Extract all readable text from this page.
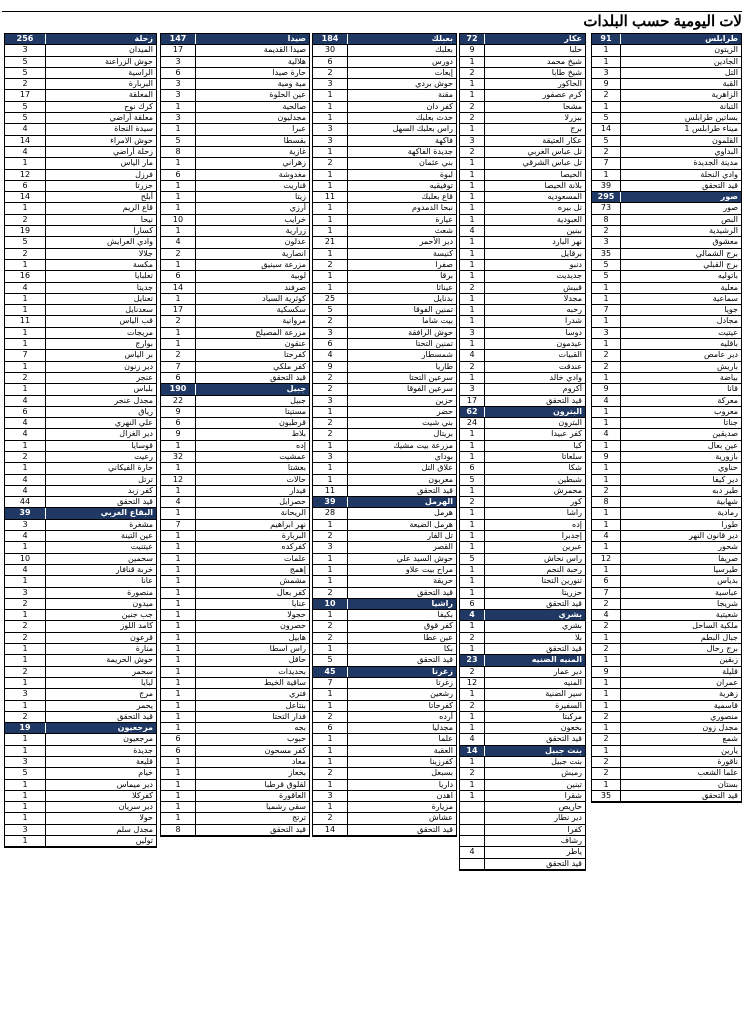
لات اليومية حسب البلدات
طرابلس
91
الزيتون
1
الجادين
1
التل
3
القبة
9
الزاهرية
2
التبانة
1
بساتين طرابلس
5
ميناء طرابلس 1
14
القلمون
5
البداوي
2
مدينة الجديدة
7
وادي النحلة
1
قيد التحقق
39
صور
295
صور
73
البص
8
الرشيدية
2
معشوق
3
برج الشمالي
35
برج القبلي
5
باتوليه
5
معلية
1
سماعية
1
جويا
7
مجادل
1
عيتيت
3
باقليه
1
دير عامص
2
باريش
2
بياضة
1
قانا
9
معركة
4
معروب
1
جناتا
1
صديقين
4
عين بعال
1
بازورية
9
حناوي
1
دير كيفا
1
طير دبه
2
شهابية
8
رمادية
1
طورا
1
دير قانون النهر
4
شحور
1
صريفا
12
طيرسيا
1
بدياس
6
عباسية
7
شريجا
2
شعيتية
4
ملكية الساحل
2
جبال البطم
1
برج رحال
2
زبقين
1
قليلة
9
عمران
1
زهرية
1
قاسمية
1
منصوري
2
مجدل زون
1
شمع
2
يارين
1
ناقورة
2
علما الشعب
2
بستان
1
قيد التحقق
35
عكار
72
حلبا
9
شيخ محمد
1
شيخ طابا
2
الحاكور
1
كرم عصفور
1
مشحا
2
ببزرلا
2
برج
1
عكار العتيقة
3
تل عباس الغربي
2
تل عباس الشرقي
1
الحيصا
1
بلانة الحيصا
1
المسعوديه
1
تل بيره
1
العبودية
1
ببنين
4
نهر البارد
1
برقايل
1
دنبو
1
جديديت
1
قبيش
2
مجدلا
1
رحبه
1
شدرا
1
دوسا
3
عيدمون
1
القبيات
4
عندقت
2
وادي خالد
1
أكروم
3
قيد التحقق
17
البترون
62
البترون
24
كفر عبيدا
1
كبا
1
سلعاتا
1
شكا
6
شبطين
5
محمرش
1
كور
2
راشا
1
إده
1
إجدبرا
1
عبرين
1
راس نحاش
5
رحبة النجم
1
تنورين التحتا
1
حزريتا
1
قيد التحقق
6
بشري
4
بشري
1
بلا
2
قيد التحقق
1
المنيه الضنيه
23
دير عمار
2
المنيه
12
سير الضنية
1
السفيرة
2
مركبتا
1
بخعون
1
قيد التحقق
4
بنت جبيل
14
بنت جبيل
1
رميش
2
تبنين
1
شقرا
1
حاريص
دير نطار
كفرا
رشاف
ياطر
4
قيد التحقق
بعبلك
184
بعلبك
30
دورس
6
إيعات
2
حوش بردي
3
مقنة
1
كفر دان
1
حدث بعلبك
1
راس بعلبك السهل
3
فاكهة
3
جديدة الفاكهة
1
بني عثمان
2
لبوة
1
توفيقيه
1
قاع بعلبك
11
نبحا الدمدوم
1
عيارة
1
شعث
1
دير الأحمر
21
كنيسة
1
صفرا
2
برقا
1
عيناثا
1
بدنايل
25
تمنين الفوقا
5
بيت شاما
2
حوش الرافقة
3
تمنين التحتا
6
شمسطار
4
طاريا
9
سرعين التحتا
2
سرعين الفوقا
2
حزين
3
حضر
1
بني شيت
2
بريتال
2
مزرعة بيت مشيك
1
بوداي
3
علاق التل
1
معربون
1
قيد التحقق
11
الهرمل
39
هرمل
28
هرمل الضيعة
1
تل الفار
2
القصر
3
حوش السيد علي
1
مراح بيت علاو
1
حريقة
1
قيد التحقق
2
راشيا
10
بكيفا
1
كفر قوق
2
عين عطا
2
بكا
1
قيد التحقق
5
زغرتا
45
زغرتا
7
رشعين
1
كفرحاتا
1
أرده
2
مجدليا
6
علما
1
العقبة
1
كفرزينا
1
بسبعل
2
داريا
1
اهدن
3
مزيارة
1
عشاش
2
قيد التحقق
14
صيدا
147
صيدا القديمة
17
هلالية
3
حارة صيدا
6
مية ومية
3
عين الحلوة
3
صالحية
1
مجدليون
3
عبرا
1
بقسطا
5
غازية
8
زهراني
1
مغدوشة
6
قناريت
1
زيتا
1
أرزي
1
خرايب
10
زرارية
1
عدلون
4
انصارية
2
مزرعة سينيق
1
لوبية
6
صرفند
14
كوثرية السياد
1
سكسكية
17
مروانية
2
مزرعة المصيلح
1
عنقون
1
كفرحتا
2
كفر ملكي
7
قيد التحقق
6
جبيل
190
جبيل
22
مستيتا
9
قرطبون
6
بلاط
9
إده
1
عمشيت
32
بعشتا
1
حالات
12
فيدار
1
حصرايل
4
الريحانة
1
نهر ابراهيم
7
البربارة
1
كفركده
1
علمات
1
إهمج
1
مشمش
1
كفر بعال
1
عنايا
1
حجولا
1
حصرون
1
هابيل
1
راس اسطا
1
حاقل
1
بحديدات
1
ساقية الخيط
1
فتري
1
بنتاعل
1
فدار التحتا
1
بجه
1
حبوب
6
كفر مسحون
6
معاد
1
بخعاز
1
لقلوق قرطبا
1
العاقورة
1
سقي رشميا
1
ترتج
1
قيد التحقق
8
زحلة
256
الميدان
3
حوش الزراعنة
5
الراسية
5
البربارة
2
المعلقة
17
كرك نوح
5
معلقة أراضي
5
سيدة النجاة
4
حوش الامراء
14
زحلة أراضي
4
مار الياس
1
فرزل
12
حزرتا
6
أبلح
14
قاع الريم
1
نيحا
2
كسارا
19
وادي العرايش
5
جلالا
2
مكسة
1
تعلبايا
16
جديتا
4
تعنايل
1
سعدنايل
1
قب الياس
11
مريجات
1
بوارج
1
بر الياس
7
دير زنون
1
عنجر
2
بلباس
1
مجدل عنجر
4
رياق
6
علي النهري
4
دير الغزال
4
قوسايا
1
رعيت
2
حارة الفيكاني
1
ترتل
4
كفر زبد
4
قيد التحقق
44
البقاع الغربي
39
مشغرة
3
عين التينة
4
عيتنيت
1
سحمين
10
خربة قنافار
4
عانا
1
منصورة
3
ميدون
2
جب جنين
1
كامد اللوز
2
قرعون
2
منارة
1
حوش الحريمة
1
سحمر
2
لبايا
1
مرج
3
يحمر
1
قيد التحقق
2
مرجعيون
19
مرجعيون
1
جديدة
1
قليعة
3
خيام
5
دير ميماس
1
كفركلا
1
دير سريان
1
حولا
1
مجدل سلم
3
توليں
1
